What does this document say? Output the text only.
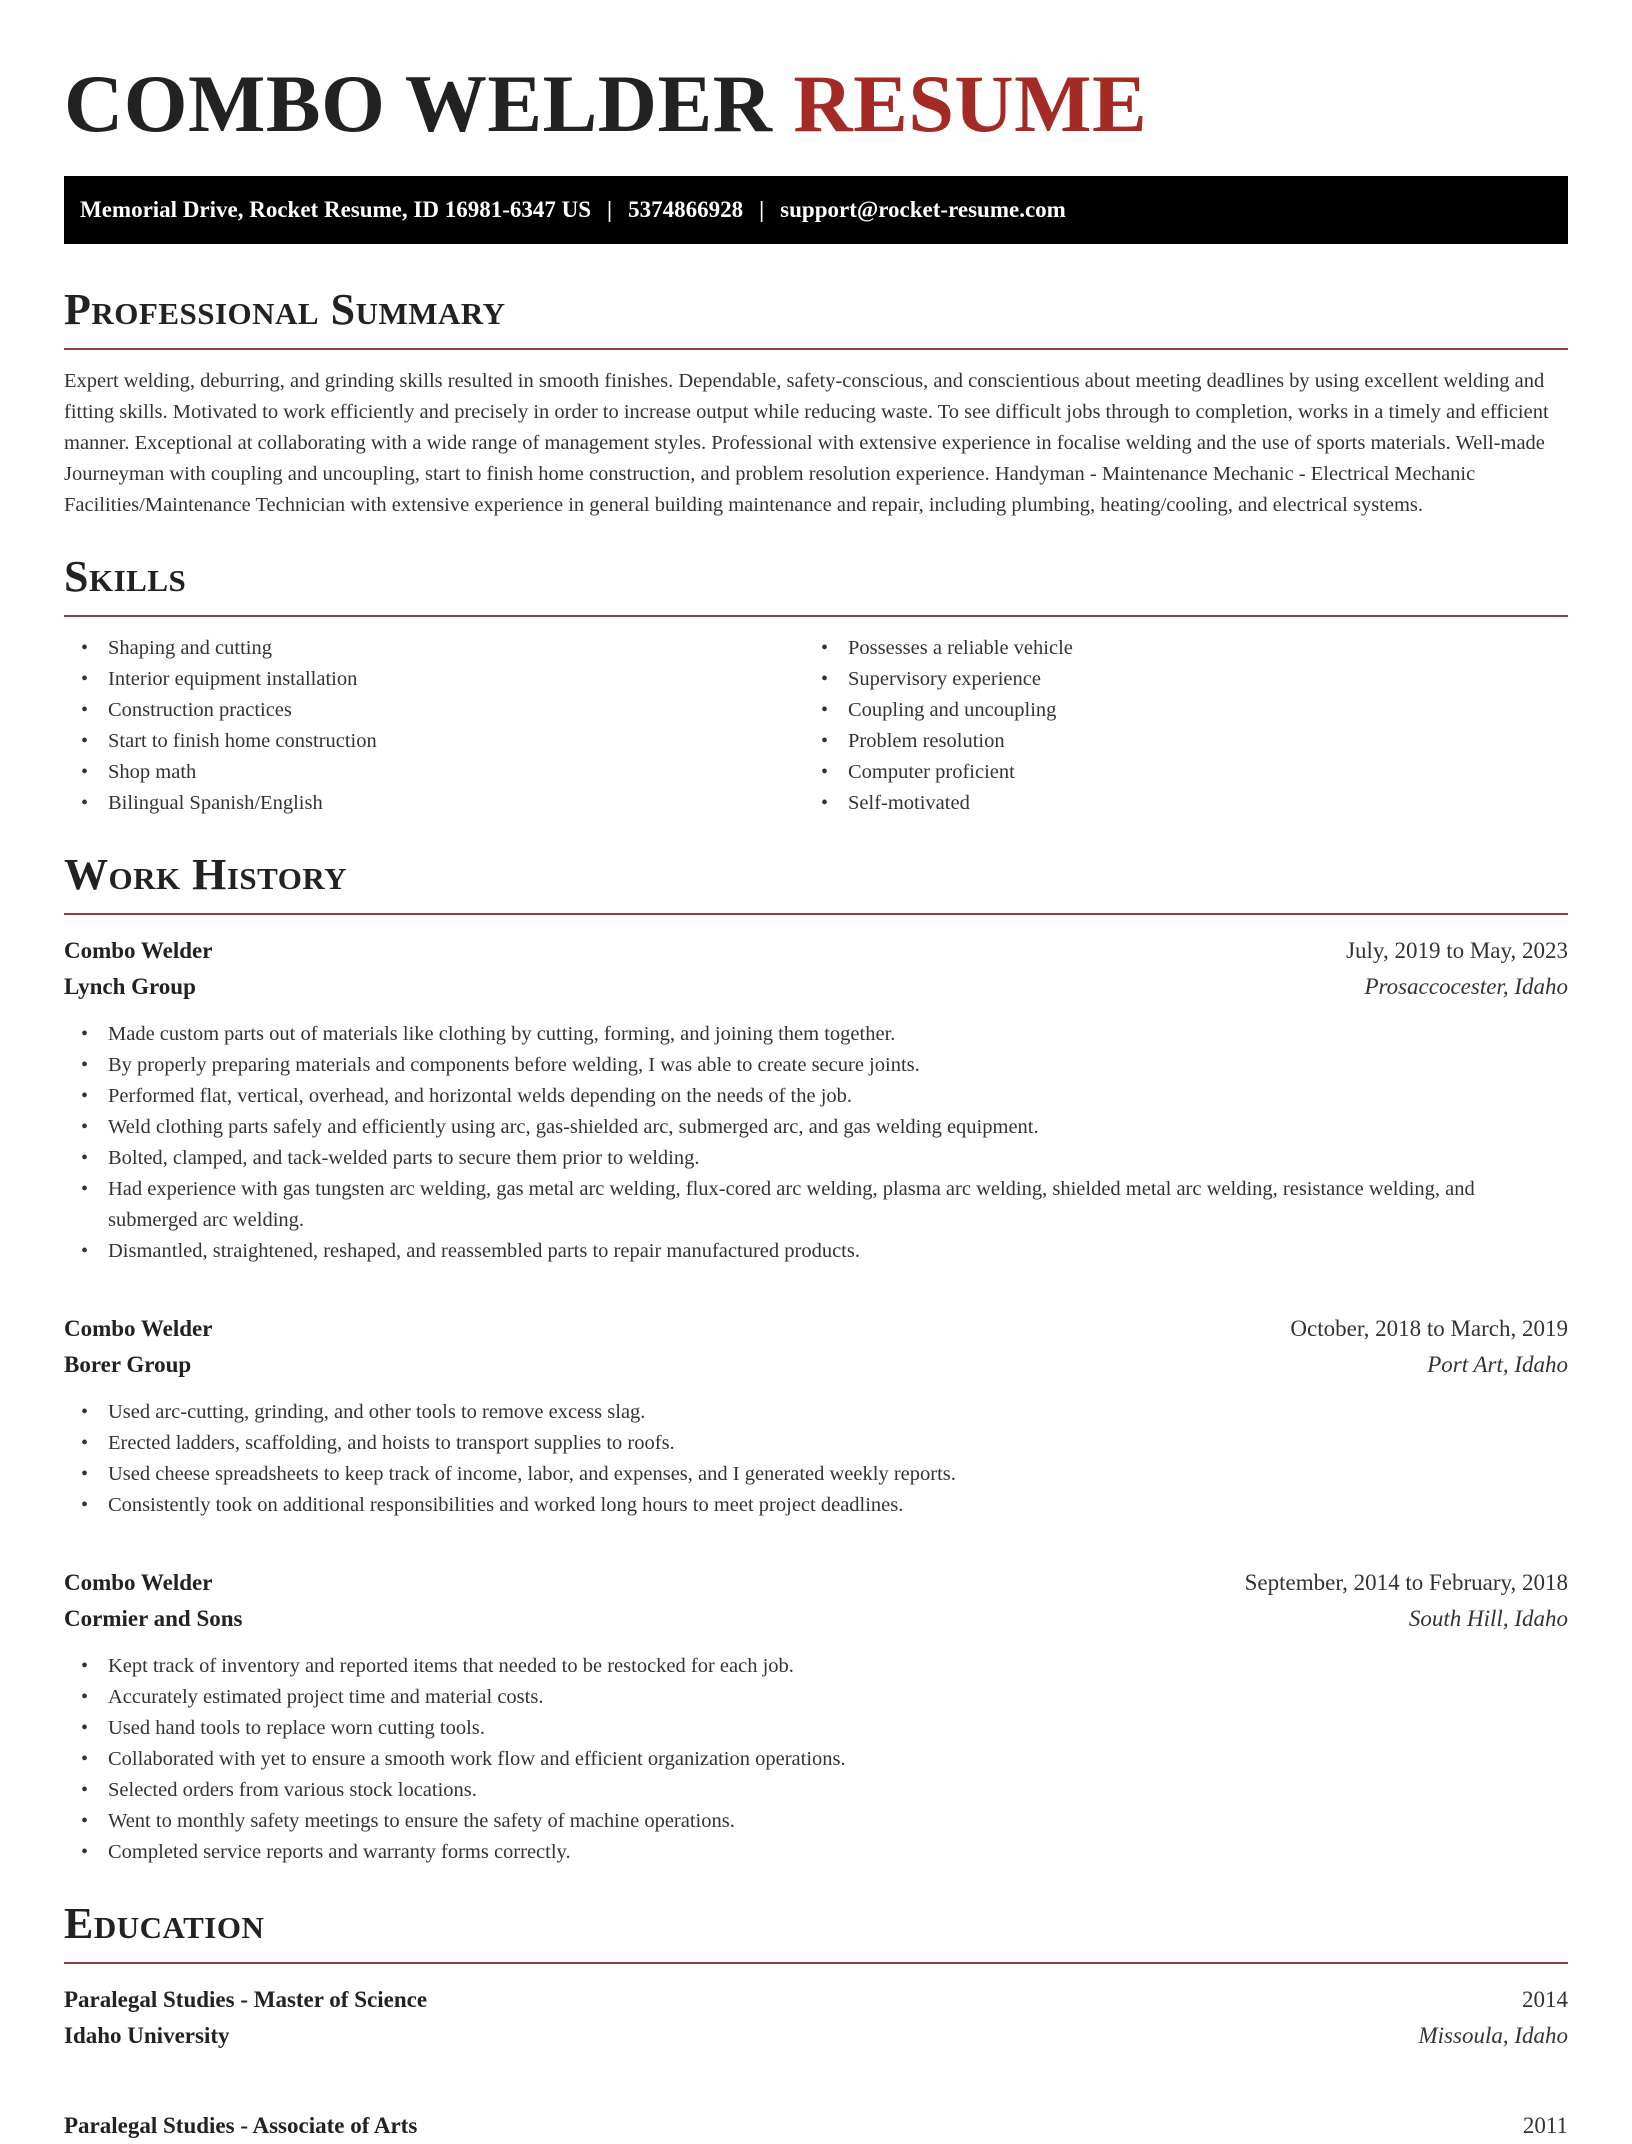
COMBO WELDER RESUME
Memorial Drive, Rocket Resume, ID 16981-6347 US | 5374866928 | support@rocket-resume.com
Professional Summary

Expert welding, deburring, and grinding skills resulted in smooth finishes. Dependable, safety-conscious, and conscientious about meeting deadlines by using excellent welding and fitting skills. Motivated to work efficiently and precisely in order to increase output while reducing waste. To see difficult jobs through to completion, works in a timely and efficient manner. Exceptional at collaborating with a wide range of management styles. Professional with extensive experience in focalise welding and the use of sports materials. Well-made Journeyman with coupling and uncoupling, start to finish home construction, and problem resolution experience. Handyman - Maintenance Mechanic - Electrical Mechanic Facilities/Maintenance Technician with extensive experience in general building maintenance and repair, including plumbing, heating/cooling, and electrical systems.

Skills
• Shaping and cutting
• Interior equipment installation
• Construction practices
• Start to finish home construction
• Shop math
• Bilingual Spanish/English
• Possesses a reliable vehicle
• Supervisory experience
• Coupling and uncoupling
• Problem resolution
• Computer proficient
• Self-motivated
Work History
Combo Welder	July, 2019 to May, 2023
Lynch Group	Prosaccocester, Idaho
• Made custom parts out of materials like clothing by cutting, forming, and joining them together.
• By properly preparing materials and components before welding, I was able to create secure joints.
• Performed flat, vertical, overhead, and horizontal welds depending on the needs of the job.
• Weld clothing parts safely and efficiently using arc, gas-shielded arc, submerged arc, and gas welding equipment.
• Bolted, clamped, and tack-welded parts to secure them prior to welding.
• Had experience with gas tungsten arc welding, gas metal arc welding, flux-cored arc welding, plasma arc welding, shielded metal arc welding, resistance welding, and submerged arc welding.
• Dismantled, straightened, reshaped, and reassembled parts to repair manufactured products.
Combo Welder	October, 2018 to March, 2019
Borer Group	Port Art, Idaho
• Used arc-cutting, grinding, and other tools to remove excess slag.
• Erected ladders, scaffolding, and hoists to transport supplies to roofs.
• Used cheese spreadsheets to keep track of income, labor, and expenses, and I generated weekly reports.
• Consistently took on additional responsibilities and worked long hours to meet project deadlines.
Combo Welder	September, 2014 to February, 2018
Cormier and Sons	South Hill, Idaho
• Kept track of inventory and reported items that needed to be restocked for each job.
• Accurately estimated project time and material costs.
• Used hand tools to replace worn cutting tools.
• Collaborated with yet to ensure a smooth work flow and efficient organization operations.
• Selected orders from various stock locations.
• Went to monthly safety meetings to ensure the safety of machine operations.
• Completed service reports and warranty forms correctly.
Education
Paralegal Studies - Master of Science	2014
Idaho University	Missoula, Idaho
Paralegal Studies - Associate of Arts	2011
